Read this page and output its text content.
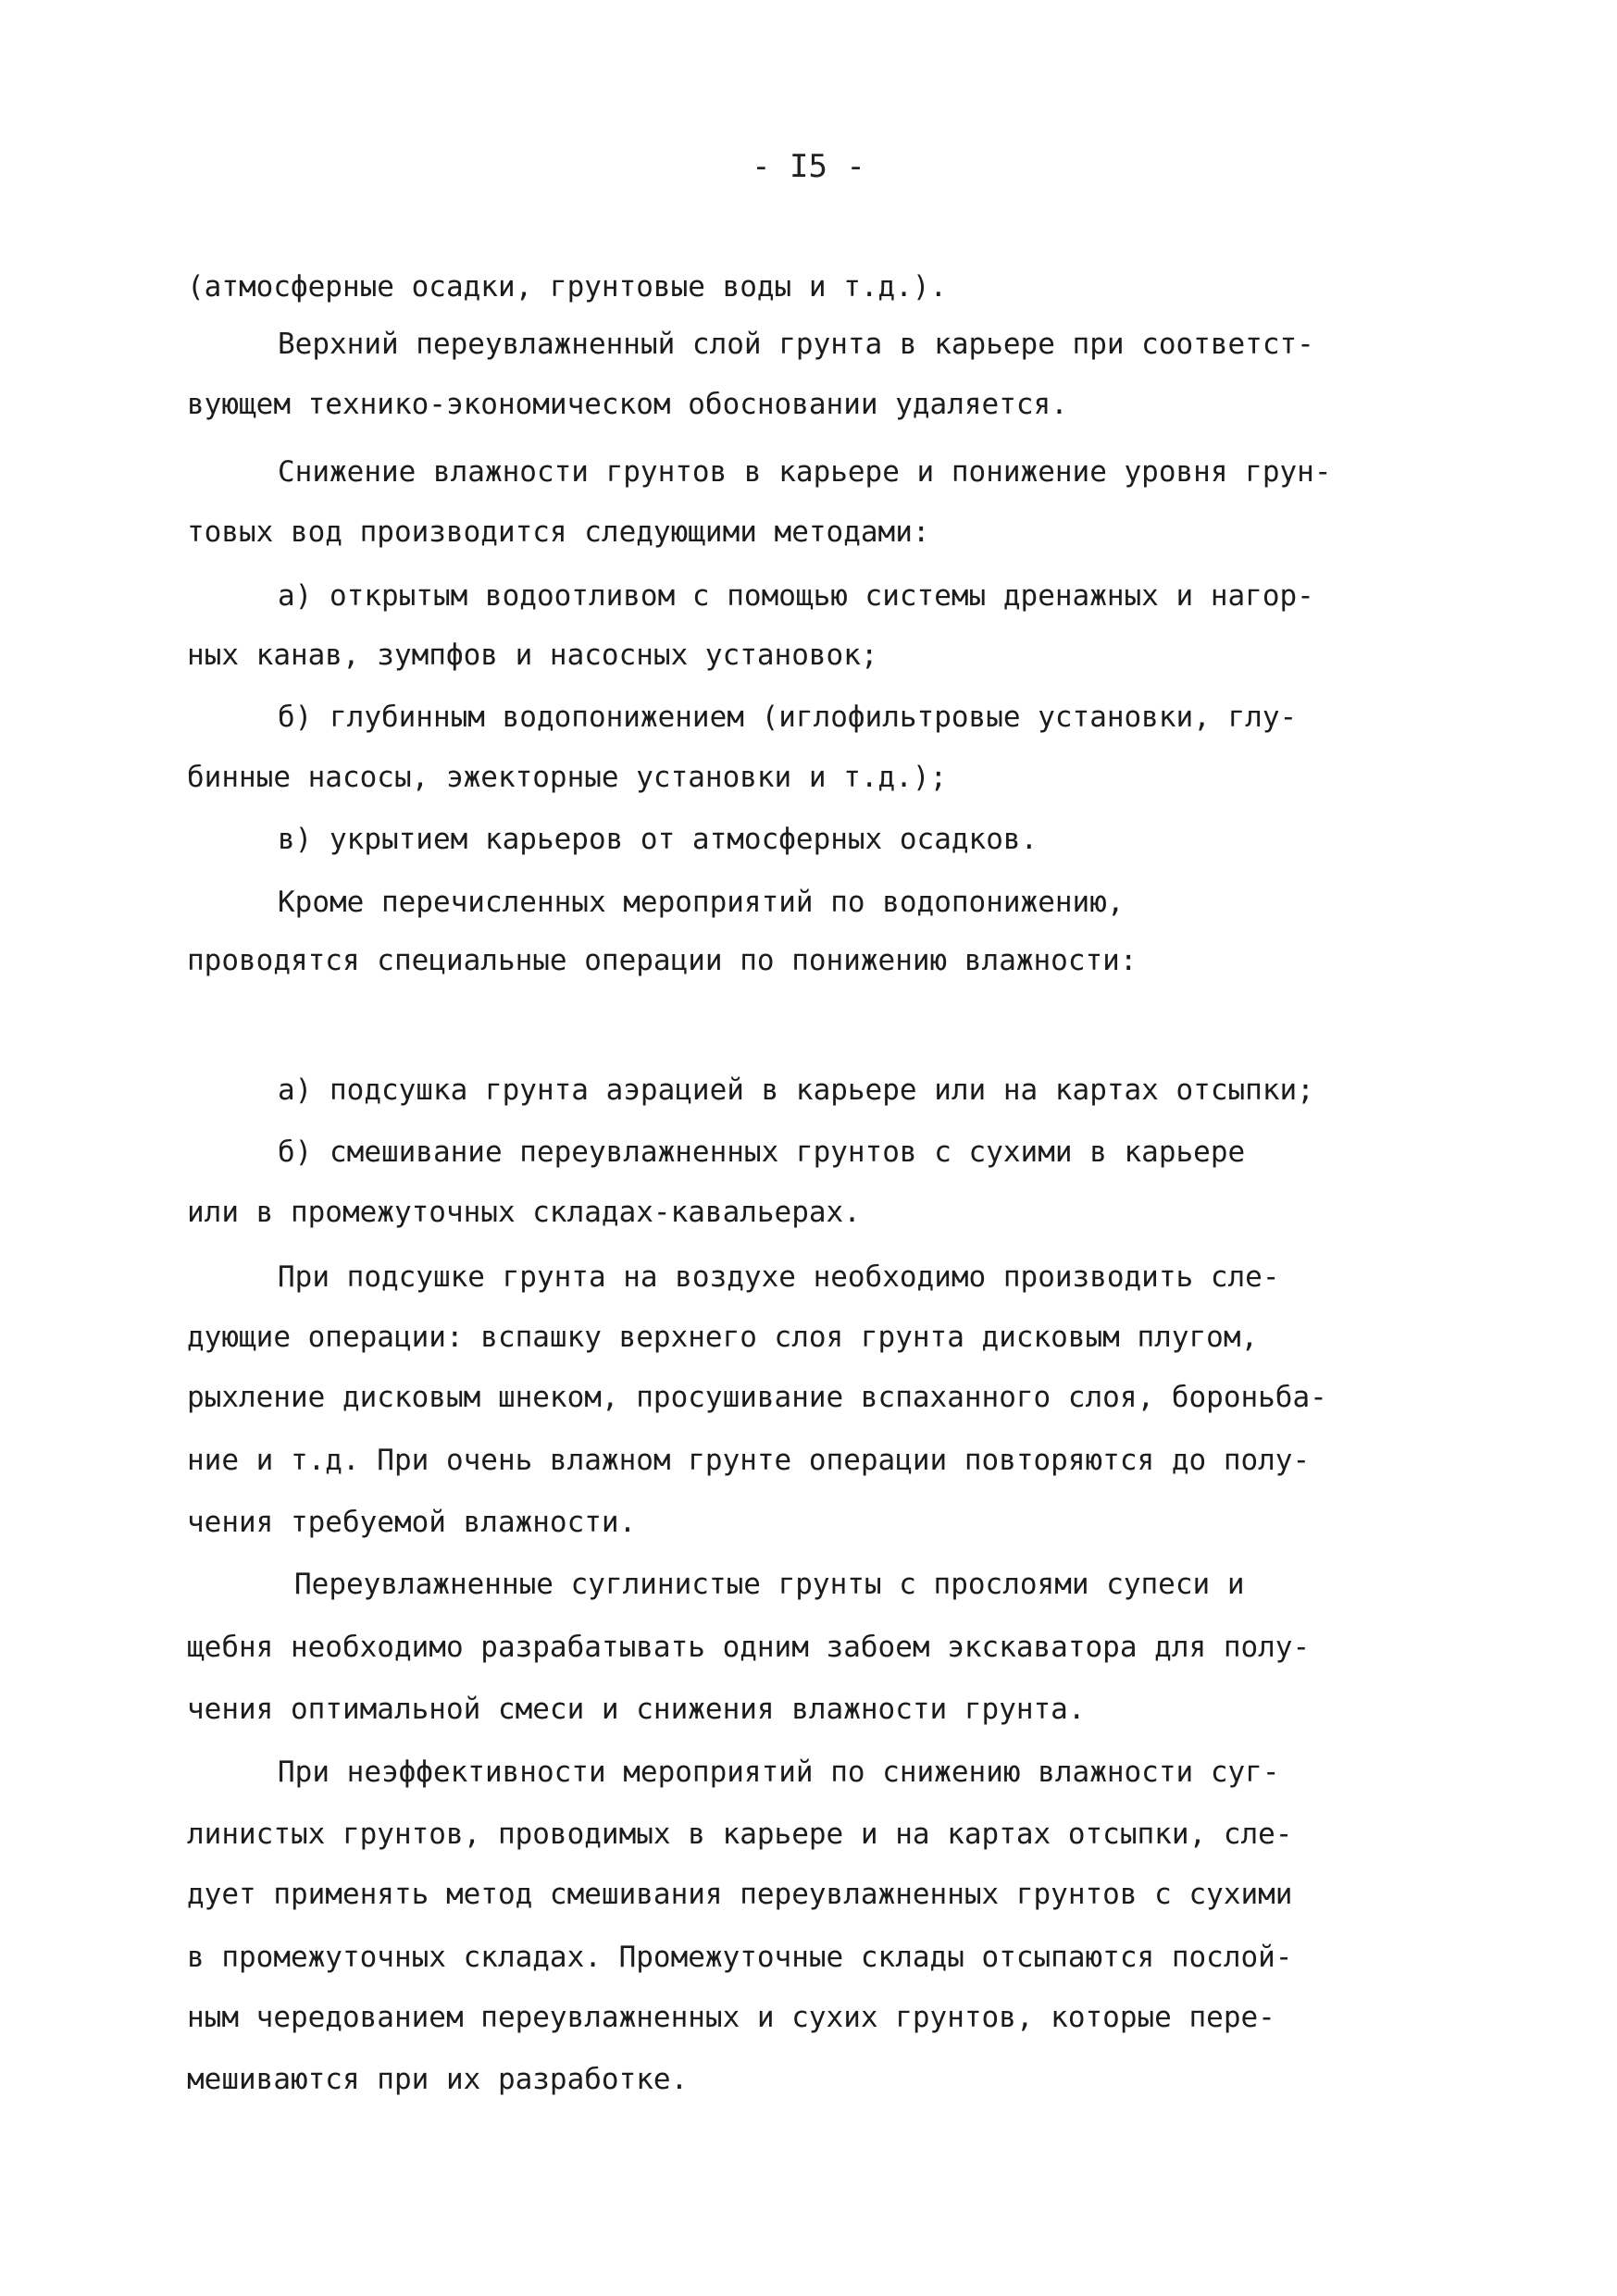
- I5 -
(атмосферные осадки, грунтовые воды и т.д.).
Верхний переувлажненный слой грунта в карьере при соответст-
вующем технико-экономическом обосновании удаляется.
Снижение влажности грунтов в карьере и понижение уровня грун-
товых вод производится следующими методами:
а) открытым водоотливом с помощью системы дренажных и нагор-
ных канав, зумпфов и насосных установок;
б) глубинным водопонижением (иглофильтровые установки, глу-
бинные насосы, эжекторные установки и т.д.);
в) укрытием карьеров от атмосферных осадков.
Кроме перечисленных мероприятий по водопонижению,
проводятся специальные операции по понижению влажности:
а) подсушка грунта аэрацией в карьере или на картах отсыпки;
б) смешивание переувлажненных грунтов с сухими в карьере
или в промежуточных складах-кавальерах.
При подсушке грунта на воздухе необходимо производить сле-
дующие операции: вспашку верхнего слоя грунта дисковым плугом,
рыхление дисковым шнеком, просушивание вспаханного слоя, бороньба-
ние и т.д. При очень влажном грунте операции повторяются до полу-
чения требуемой влажности.
Переувлажненные суглинистые грунты с прослоями супеси и
щебня необходимо разрабатывать одним забоем экскаватора для полу-
чения оптимальной смеси и снижения влажности грунта.
При неэффективности мероприятий по снижению влажности суг-
линистых грунтов, проводимых в карьере и на картах отсыпки, сле-
дует применять метод смешивания переувлажненных грунтов с сухими
в промежуточных складах. Промежуточные склады отсыпаются послой-
ным чередованием переувлажненных и сухих грунтов, которые пере-
мешиваются при их разработке.
